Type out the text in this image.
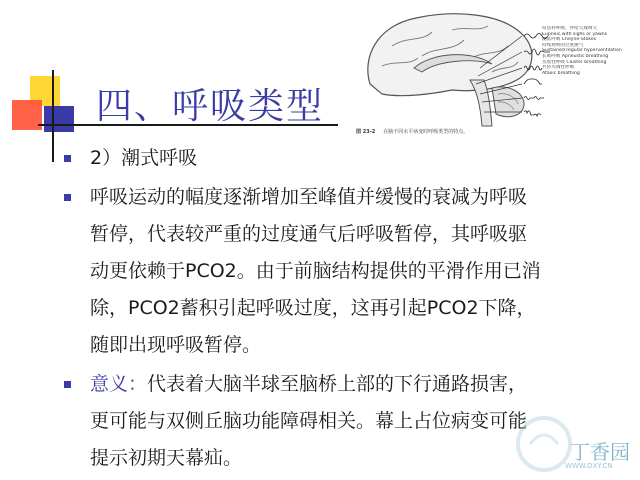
四、呼吸类型
叹息样呼吸，伴哈欠或呵欠
Eupneic,with sighs or yawns
潮式呼吸 Cheyne-Stokes
持续规则的过度换气
Sustained regular hyperventilation
长吸呼吸 Apneustic breathing
丛集性呼吸 Cluster breathing
共济失调性呼吸
Ataxic breathing
图 23-2 在脑不同水平病变时呼吸类型的特点。
2）潮式呼吸
呼吸运动的幅度逐渐增加至峰值并缓慢的衰减为呼吸
暂停，代表较严重的过度通气后呼吸暂停，其呼吸驱
动更依赖于PCO2。由于前脑结构提供的平滑作用已消
除，PCO2蓄积引起呼吸过度，这再引起PCO2下降，
随即出现呼吸暂停。
意义：代表着大脑半球至脑桥上部的下行通路损害，
更可能与双侧丘脑功能障碍相关。幕上占位病变可能
提示初期天幕疝。	丁香园
WWW.DXY.CN
